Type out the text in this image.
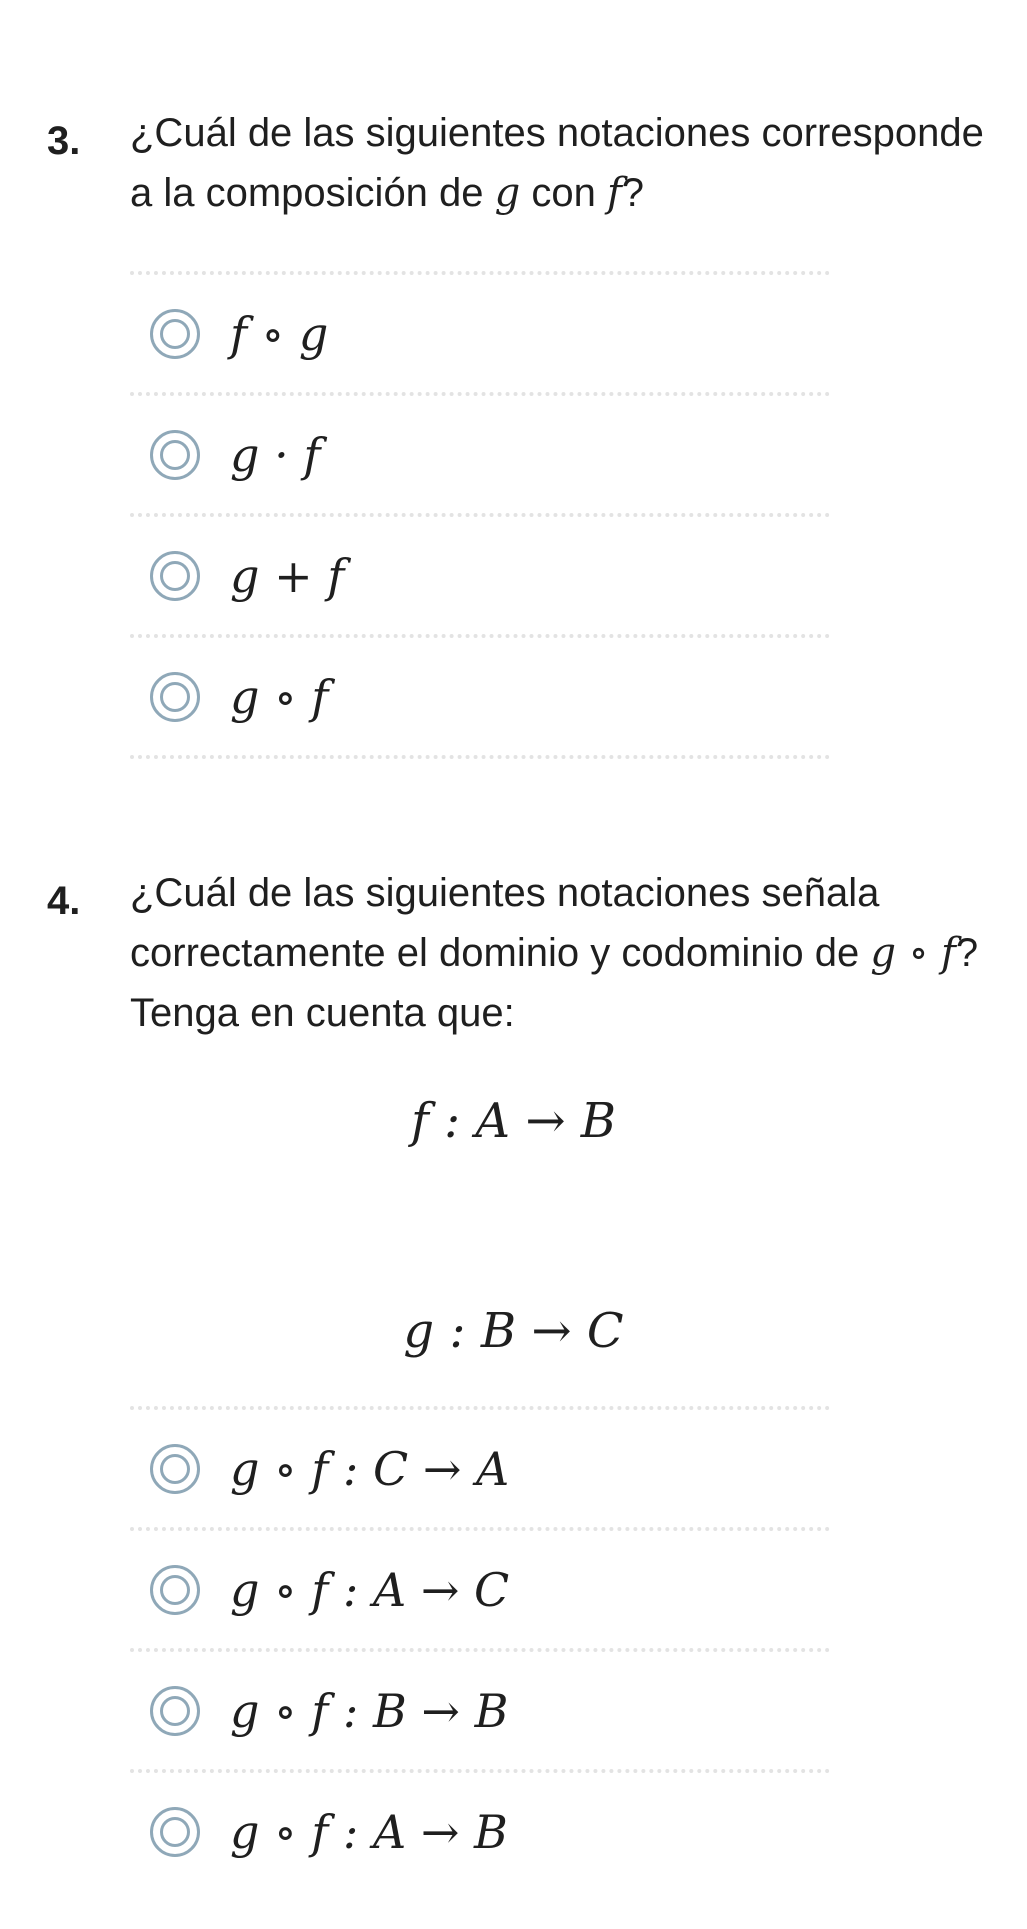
3. ¿Cuál de las siguientes notaciones corresponde a la composición de g con f?
f ∘ g
g · f
g + f
g ∘ f
4. ¿Cuál de las siguientes notaciones señala correctamente el dominio y codominio de g ∘ f?
Tenga en cuenta que:
f : A → B
g : B → C
g ∘ f : C → A
g ∘ f : A → C
g ∘ f : B → B
g ∘ f : A → B
